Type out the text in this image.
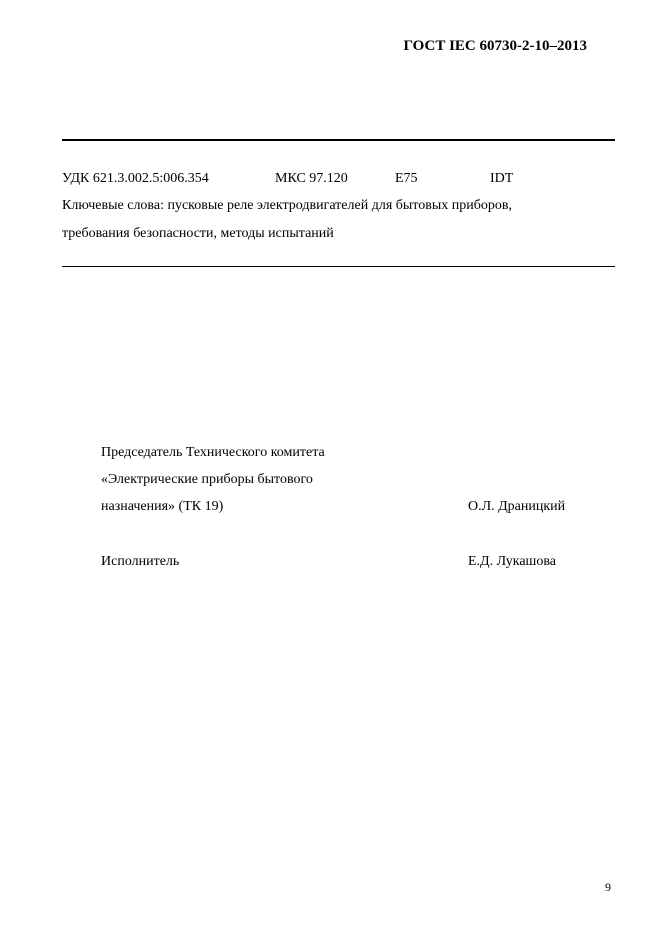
ГОСТ IEC 60730-2-10–2013
УДК 621.3.002.5:006.354	МКС 97.120	E75	IDT
Ключевые слова: пусковые реле электродвигателей для бытовых приборов,
требования безопасности, методы испытаний
Председатель Технического комитета
«Электрические приборы бытового
назначения» (ТК 19)	О.Л. Драницкий
Исполнитель	Е.Д. Лукашова
9
